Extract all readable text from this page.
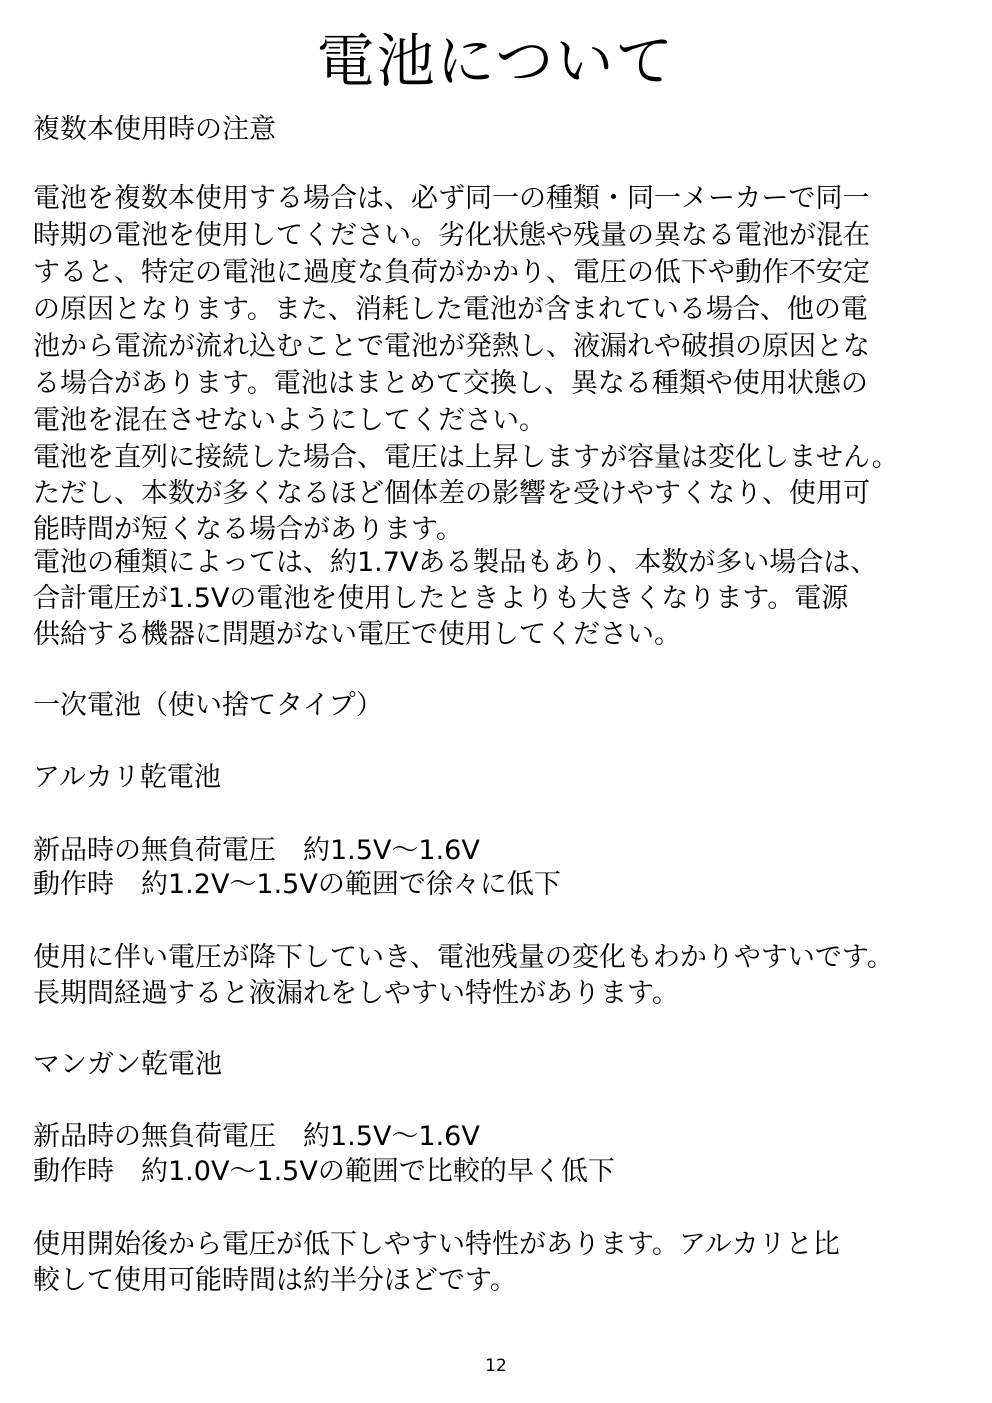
電池について
複数本使用時の注意
電池を複数本使用する場合は、必ず同一の種類・同一メーカーで同一
時期の電池を使用してください。劣化状態や残量の異なる電池が混在
すると、特定の電池に過度な負荷がかかり、電圧の低下や動作不安定
の原因となります。また、消耗した電池が含まれている場合、他の電
池から電流が流れ込むことで電池が発熱し、液漏れや破損の原因とな
る場合があります。電池はまとめて交換し、異なる種類や使用状態の
電池を混在させないようにしてください。
電池を直列に接続した場合、電圧は上昇しますが容量は変化しません。
ただし、本数が多くなるほど個体差の影響を受けやすくなり、使用可
能時間が短くなる場合があります。
電池の種類によっては、約1.7Vある製品もあり、本数が多い場合は、
合計電圧が1.5Vの電池を使用したときよりも大きくなります。電源
供給する機器に問題がない電圧で使用してください。
一次電池（使い捨てタイプ）
アルカリ乾電池
新品時の無負荷電圧　約1.5V～1.6V
動作時　約1.2V～1.5Vの範囲で徐々に低下
使用に伴い電圧が降下していき、電池残量の変化もわかりやすいです。
長期間経過すると液漏れをしやすい特性があります。
マンガン乾電池
新品時の無負荷電圧　約1.5V～1.6V
動作時　約1.0V～1.5Vの範囲で比較的早く低下
使用開始後から電圧が低下しやすい特性があります。アルカリと比
較して使用可能時間は約半分ほどです。
12
